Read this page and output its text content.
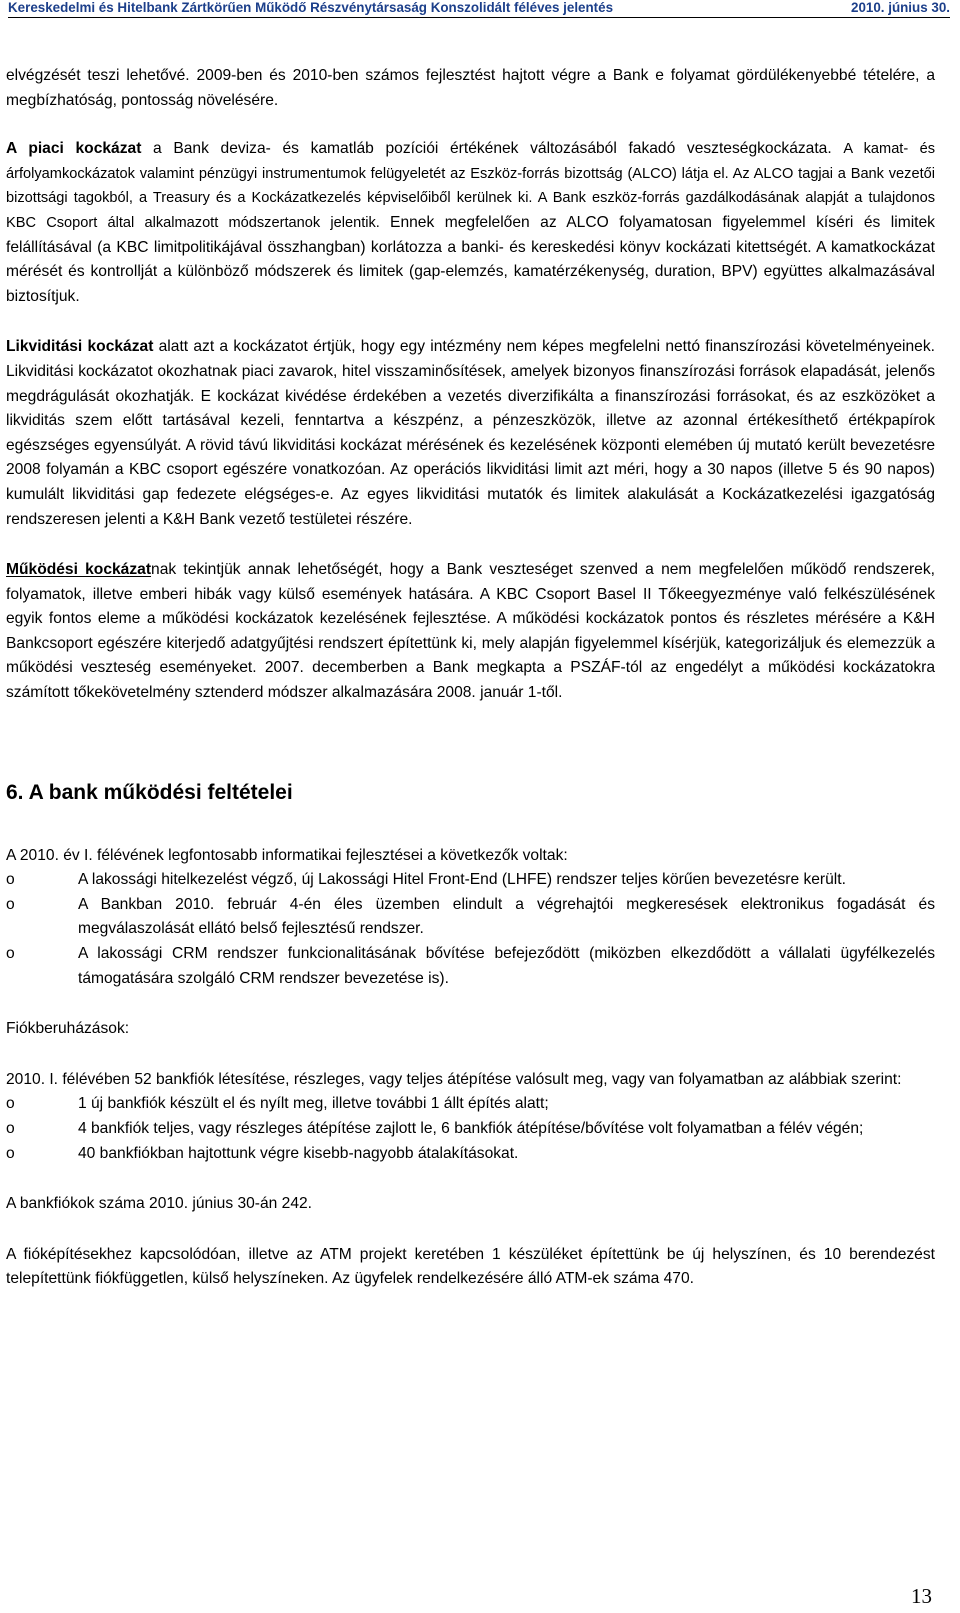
Kereskedelmi és Hitelbank Zártkörűen Működő Részvénytársaság Konszolidált féléves jelentés	2010. június 30.

elvégzését teszi lehetővé. 2009-ben és 2010-ben számos fejlesztést hajtott végre a Bank e folyamat gördülékenyebbé tételére, a megbízhatóság, pontosság növelésére.

A piaci kockázat a Bank deviza- és kamatláb pozíciói értékének változásából fakadó veszteségkockázata. A kamat- és árfolyamkockázatok valamint pénzügyi instrumentumok felügyeletét az Eszköz-forrás bizottság (ALCO) látja el. Az ALCO tagjai a Bank vezetői bizottsági tagokból, a Treasury és a Kockázatkezelés képviselőiből kerülnek ki. A Bank eszköz-forrás gazdálkodásának alapját a tulajdonos KBC Csoport által alkalmazott módszertanok jelentik. Ennek megfelelően az ALCO folyamatosan figyelemmel kíséri és limitek felállításával (a KBC limitpolitikájával összhangban) korlátozza a banki- és kereskedési könyv kockázati kitettségét. A kamatkockázat mérését és kontrollját a különböző módszerek és limitek (gap-elemzés, kamatérzékenység, duration, BPV) együttes alkalmazásával biztosítjuk.

Likviditási kockázat alatt azt a kockázatot értjük, hogy egy intézmény nem képes megfelelni nettó finanszírozási követelményeinek. Likviditási kockázatot okozhatnak piaci zavarok, hitel visszaminősítések, amelyek bizonyos finanszírozási források elapadását, jelenős megdrágulását okozhatják. E kockázat kivédése érdekében a vezetés diverzifikálta a finanszírozási forrásokat, és az eszközöket a likviditás szem előtt tartásával kezeli, fenntartva a készpénz, a pénzeszközök, illetve az azonnal értékesíthető értékpapírok egészséges egyensúlyát. A rövid távú likviditási kockázat mérésének és kezelésének központi elemében új mutató került bevezetésre 2008 folyamán a KBC csoport egészére vonatkozóan. Az operációs likviditási limit azt méri, hogy a 30 napos (illetve 5 és 90 napos) kumulált likviditási gap fedezete elégséges-e. Az egyes likviditási mutatók és limitek alakulását a Kockázatkezelési igazgatóság rendszeresen jelenti a K&H Bank vezető testületei részére.

Működési kockázatnak tekintjük annak lehetőségét, hogy a Bank veszteséget szenved a nem megfelelően működő rendszerek, folyamatok, illetve emberi hibák vagy külső események hatására. A KBC Csoport Basel II Tőkeegyezménye való felkészülésének egyik fontos eleme a működési kockázatok kezelésének fejlesztése. A működési kockázatok pontos és részletes mérésére a K&H Bankcsoport egészére kiterjedő adatgyűjtési rendszert építettünk ki, mely alapján figyelemmel kísérjük, kategorizáljuk és elemezzük a működési veszteség eseményeket. 2007. decemberben a Bank megkapta a PSZÁF-tól az engedélyt a működési kockázatokra számított tőkekövetelmény sztenderd módszer alkalmazására 2008. január 1-től.

6. A bank működési feltételei

A 2010. év I. félévének legfontosabb informatikai fejlesztései a következők voltak:

o	A lakossági hitelkezelést végző, új Lakossági Hitel Front-End (LHFE) rendszer teljes körűen bevezetésre került.
o	A Bankban 2010. február 4-én éles üzemben elindult a végrehajtói megkeresések elektronikus fogadását és megválaszolását ellátó belső fejlesztésű rendszer.
o	A lakossági CRM rendszer funkcionalitásának bővítése befejeződött (miközben elkezdődött a vállalati ügyfélkezelés támogatására szolgáló CRM rendszer bevezetése is).

Fiókberuházások:

2010. I. félévében 52 bankfiók létesítése, részleges, vagy teljes átépítése valósult meg, vagy van folyamatban az alábbiak szerint:

o	1 új bankfiók készült el és nyílt meg, illetve további 1 állt építés alatt;
o	4 bankfiók teljes, vagy részleges átépítése zajlott le, 6 bankfiók átépítése/bővítése volt folyamatban a félév végén;
o	40 bankfiókban hajtottunk végre kisebb-nagyobb átalakításokat.

A bankfiókok száma 2010. június 30-án 242.

A fióképítésekhez kapcsolódóan, illetve az ATM projekt keretében 1 készüléket építettünk be új helyszínen, és 10 berendezést telepítettünk fiókfüggetlen, külső helyszíneken. Az ügyfelek rendelkezésére álló ATM-ek száma 470.

13
